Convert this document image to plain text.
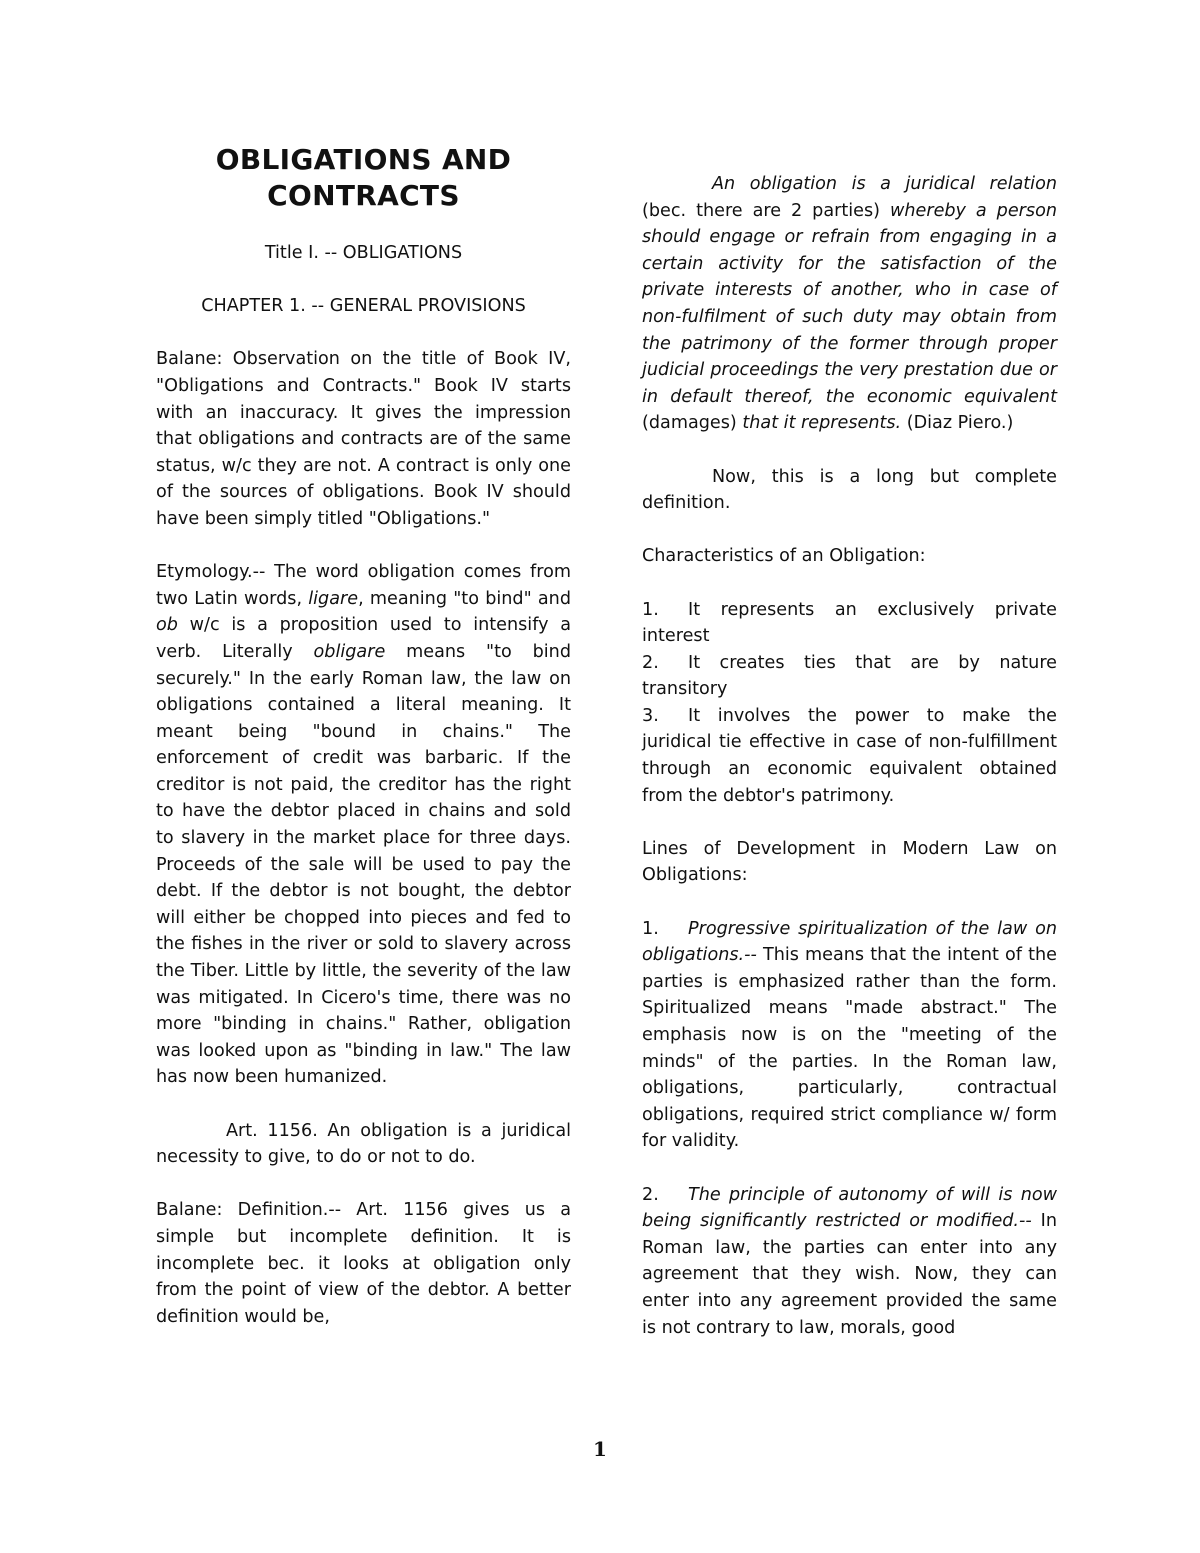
OBLIGATIONS AND CONTRACTS

Title I. -- OBLIGATIONS

CHAPTER 1. -- GENERAL PROVISIONS

Balane: Observation on the title of Book IV, "Obligations and Contracts." Book IV starts with an inaccuracy. It gives the impression that obligations and contracts are of the same status, w/c they are not. A contract is only one of the sources of obligations. Book IV should have been simply titled "Obligations."

Etymology.-- The word obligation comes from two Latin words, ligare, meaning "to bind" and ob w/c is a proposition used to intensify a verb. Literally obligare means "to bind securely." In the early Roman law, the law on obligations contained a literal meaning. It meant being "bound in chains." The enforcement of credit was barbaric. If the creditor is not paid, the creditor has the right to have the debtor placed in chains and sold to slavery in the market place for three days. Proceeds of the sale will be used to pay the debt. If the debtor is not bought, the debtor will either be chopped into pieces and fed to the fishes in the river or sold to slavery across the Tiber. Little by little, the severity of the law was mitigated. In Cicero's time, there was no more "binding in chains." Rather, obligation was looked upon as "binding in law." The law has now been humanized.

Art. 1156. An obligation is a juridical necessity to give, to do or not to do.

Balane: Definition.-- Art. 1156 gives us a simple but incomplete definition. It is incomplete bec. it looks at obligation only from the point of view of the debtor. A better definition would be,

An obligation is a juridical relation (bec. there are 2 parties) whereby a person should engage or refrain from engaging in a certain activity for the satisfaction of the private interests of another, who in case of non-fulfilment of such duty may obtain from the patrimony of the former through proper judicial proceedings the very prestation due or in default thereof, the economic equivalent (damages) that it represents. (Diaz Piero.)

Now, this is a long but complete definition.

Characteristics of an Obligation:

1. It represents an exclusively private interest

2. It creates ties that are by nature transitory

3. It involves the power to make the juridical tie effective in case of non-fulfillment through an economic equivalent obtained from the debtor's patrimony.

Lines of Development in Modern Law on Obligations:

1. Progressive spiritualization of the law on obligations.-- This means that the intent of the parties is emphasized rather than the form. Spiritualized means "made abstract." The emphasis now is on the "meeting of the minds" of the parties. In the Roman law, obligations, particularly, contractual obligations, required strict compliance w/ form for validity.

2. The principle of autonomy of will is now being significantly restricted or modified.-- In Roman law, the parties can enter into any agreement that they wish. Now, they can enter into any agreement provided the same is not contrary to law, morals, good

1
